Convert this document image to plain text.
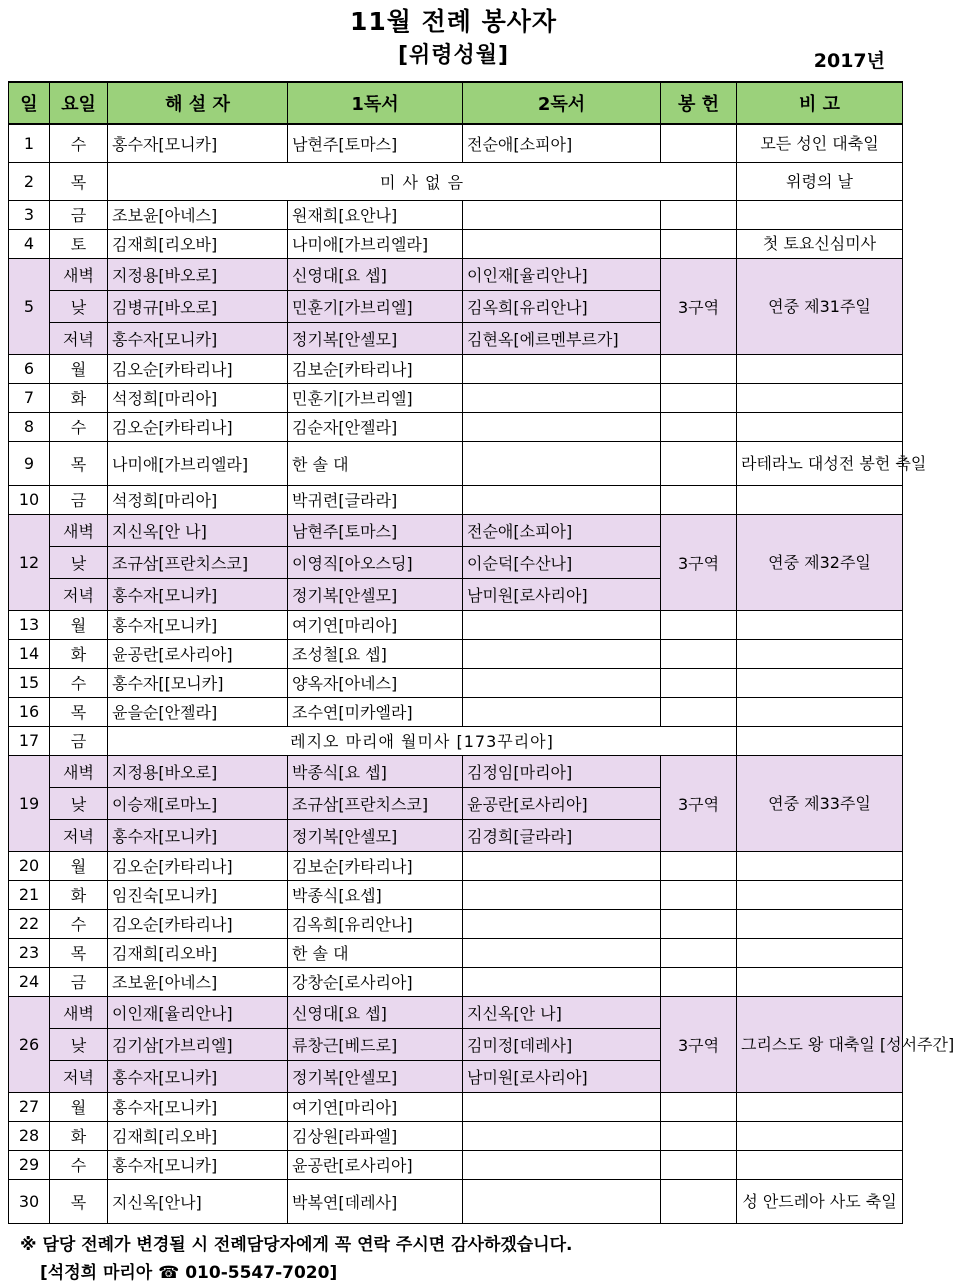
11월 전례 봉사자
[위령성월]	2017년
일	요일	해 설 자	1독서	2독서	봉 헌	비 고
1	수	홍수자[모니카]	남현주[토마스]	전순애[소피아]		모든 성인 대축일
2	목	미 사 없 음				위령의 날
3	금	조보윤[아네스]	원재희[요안나]			
4	토	김재희[리오바]	나미애[가브리엘라]			첫 토요신심미사
5	새벽	지정용[바오로]	신영대[요 셉]	이인재[율리안나]	3구역	연중 제31주일
	낮	김병규[바오로]	민훈기[가브리엘]	김옥희[유리안나]		
	저녁	홍수자[모니카]	정기복[안셀모]	김현옥[에르멘부르가]		
6	월	김오순[카타리나]	김보순[카타리나]			
7	화	석정희[마리아]	민훈기[가브리엘]			
8	수	김오순[카타리나]	김순자[안젤라]			
9	목	나미애[가브리엘라]	한 솔 대			라테라노 대성전 봉헌 축일
10	금	석정희[마리아]	박귀련[글라라]			
12	새벽	지신옥[안 나]	남현주[토마스]	전순애[소피아]	3구역	연중 제32주일
	낮	조규삼[프란치스코]	이영직[아오스딩]	이순덕[수산나]		
	저녁	홍수자[모니카]	정기복[안셀모]	남미원[로사리아]		
13	월	홍수자[모니카]	여기연[마리아]			
14	화	윤공란[로사리아]	조성철[요 셉]			
15	수	홍수자[[모니카]	양옥자[아네스]			
16	목	윤을순[안젤라]	조수연[미카엘라]			
17	금	레지오 마리애 월미사 [173꾸리아]				
19	새벽	지정용[바오로]	박종식[요 셉]	김정임[마리아]	3구역	연중 제33주일
	낮	이승재[로마노]	조규삼[프란치스코]	윤공란[로사리아]		
	저녁	홍수자[모니카]	정기복[안셀모]	김경희[글라라]		
20	월	김오순[카타리나]	김보순[카타리나]			
21	화	임진숙[모니카]	박종식[요셉]			
22	수	김오순[카타리나]	김옥희[유리안나]			
23	목	김재희[리오바]	한 솔 대			
24	금	조보윤[아네스]	강창순[로사리아]			
26	새벽	이인재[율리안나]	신영대[요 셉]	지신옥[안 나]	3구역	그리스도 왕 대축일 [성서주간]
	낮	김기삼[가브리엘]	류창근[베드로]	김미정[데레사]		
	저녁	홍수자[모니카]	정기복[안셀모]	남미원[로사리아]		
27	월	홍수자[모니카]	여기연[마리아]			
28	화	김재희[리오바]	김상원[라파엘]			
29	수	홍수자[모니카]	윤공란[로사리아]			
30	목	지신옥[안나]	박복연[데레사]			성 안드레아 사도 축일
※ 담당 전례가 변경될 시 전례담당자에게 꼭 연락 주시면 감사하겠습니다.
[석정희 마리아 ☎ 010-5547-7020]
